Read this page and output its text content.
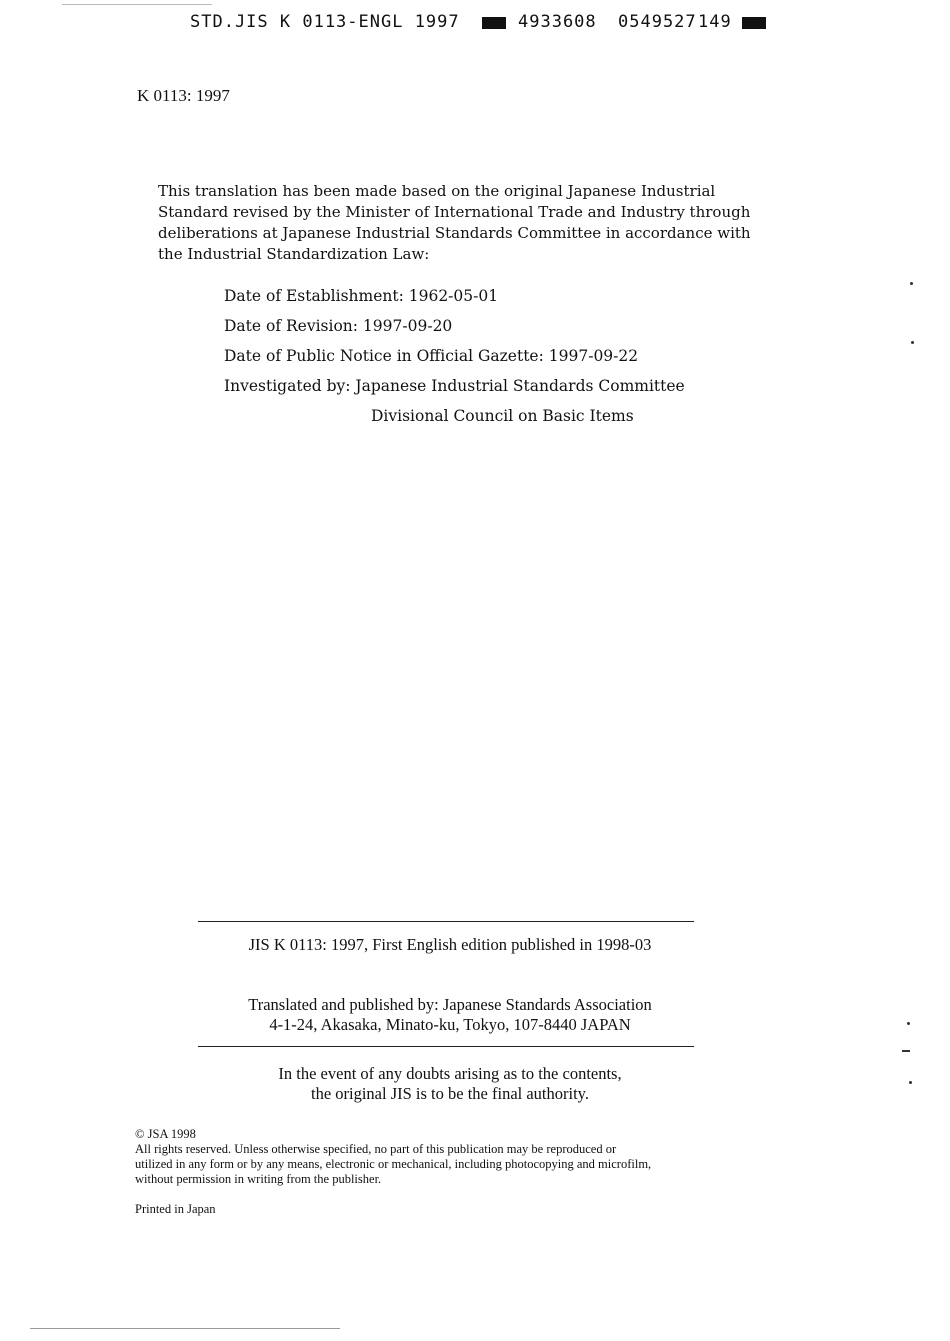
STD.JIS K 0113-ENGL 1997	4933608 0549527 149
K 0113: 1997

This translation has been made based on the original Japanese Industrial Standard revised by the Minister of International Trade and Industry through deliberations at Japanese Industrial Standards Committee in accordance with the Industrial Standardization Law:

Date of Establishment: 1962-05-01
Date of Revision: 1997-09-20
Date of Public Notice in Official Gazette: 1997-09-22
Investigated by: Japanese Industrial Standards Committee
Divisional Council on Basic Items
JIS K 0113: 1997, First English edition published in 1998-03
Translated and published by: Japanese Standards Association
4-1-24, Akasaka, Minato-ku, Tokyo, 107-8440 JAPAN
In the event of any doubts arising as to the contents,
the original JIS is to be the final authority.
© JSA 1998
All rights reserved. Unless otherwise specified, no part of this publication may be reproduced or
utilized in any form or by any means, electronic or mechanical, including photocopying and microfilm,
without permission in writing from the publisher.
Printed in Japan
